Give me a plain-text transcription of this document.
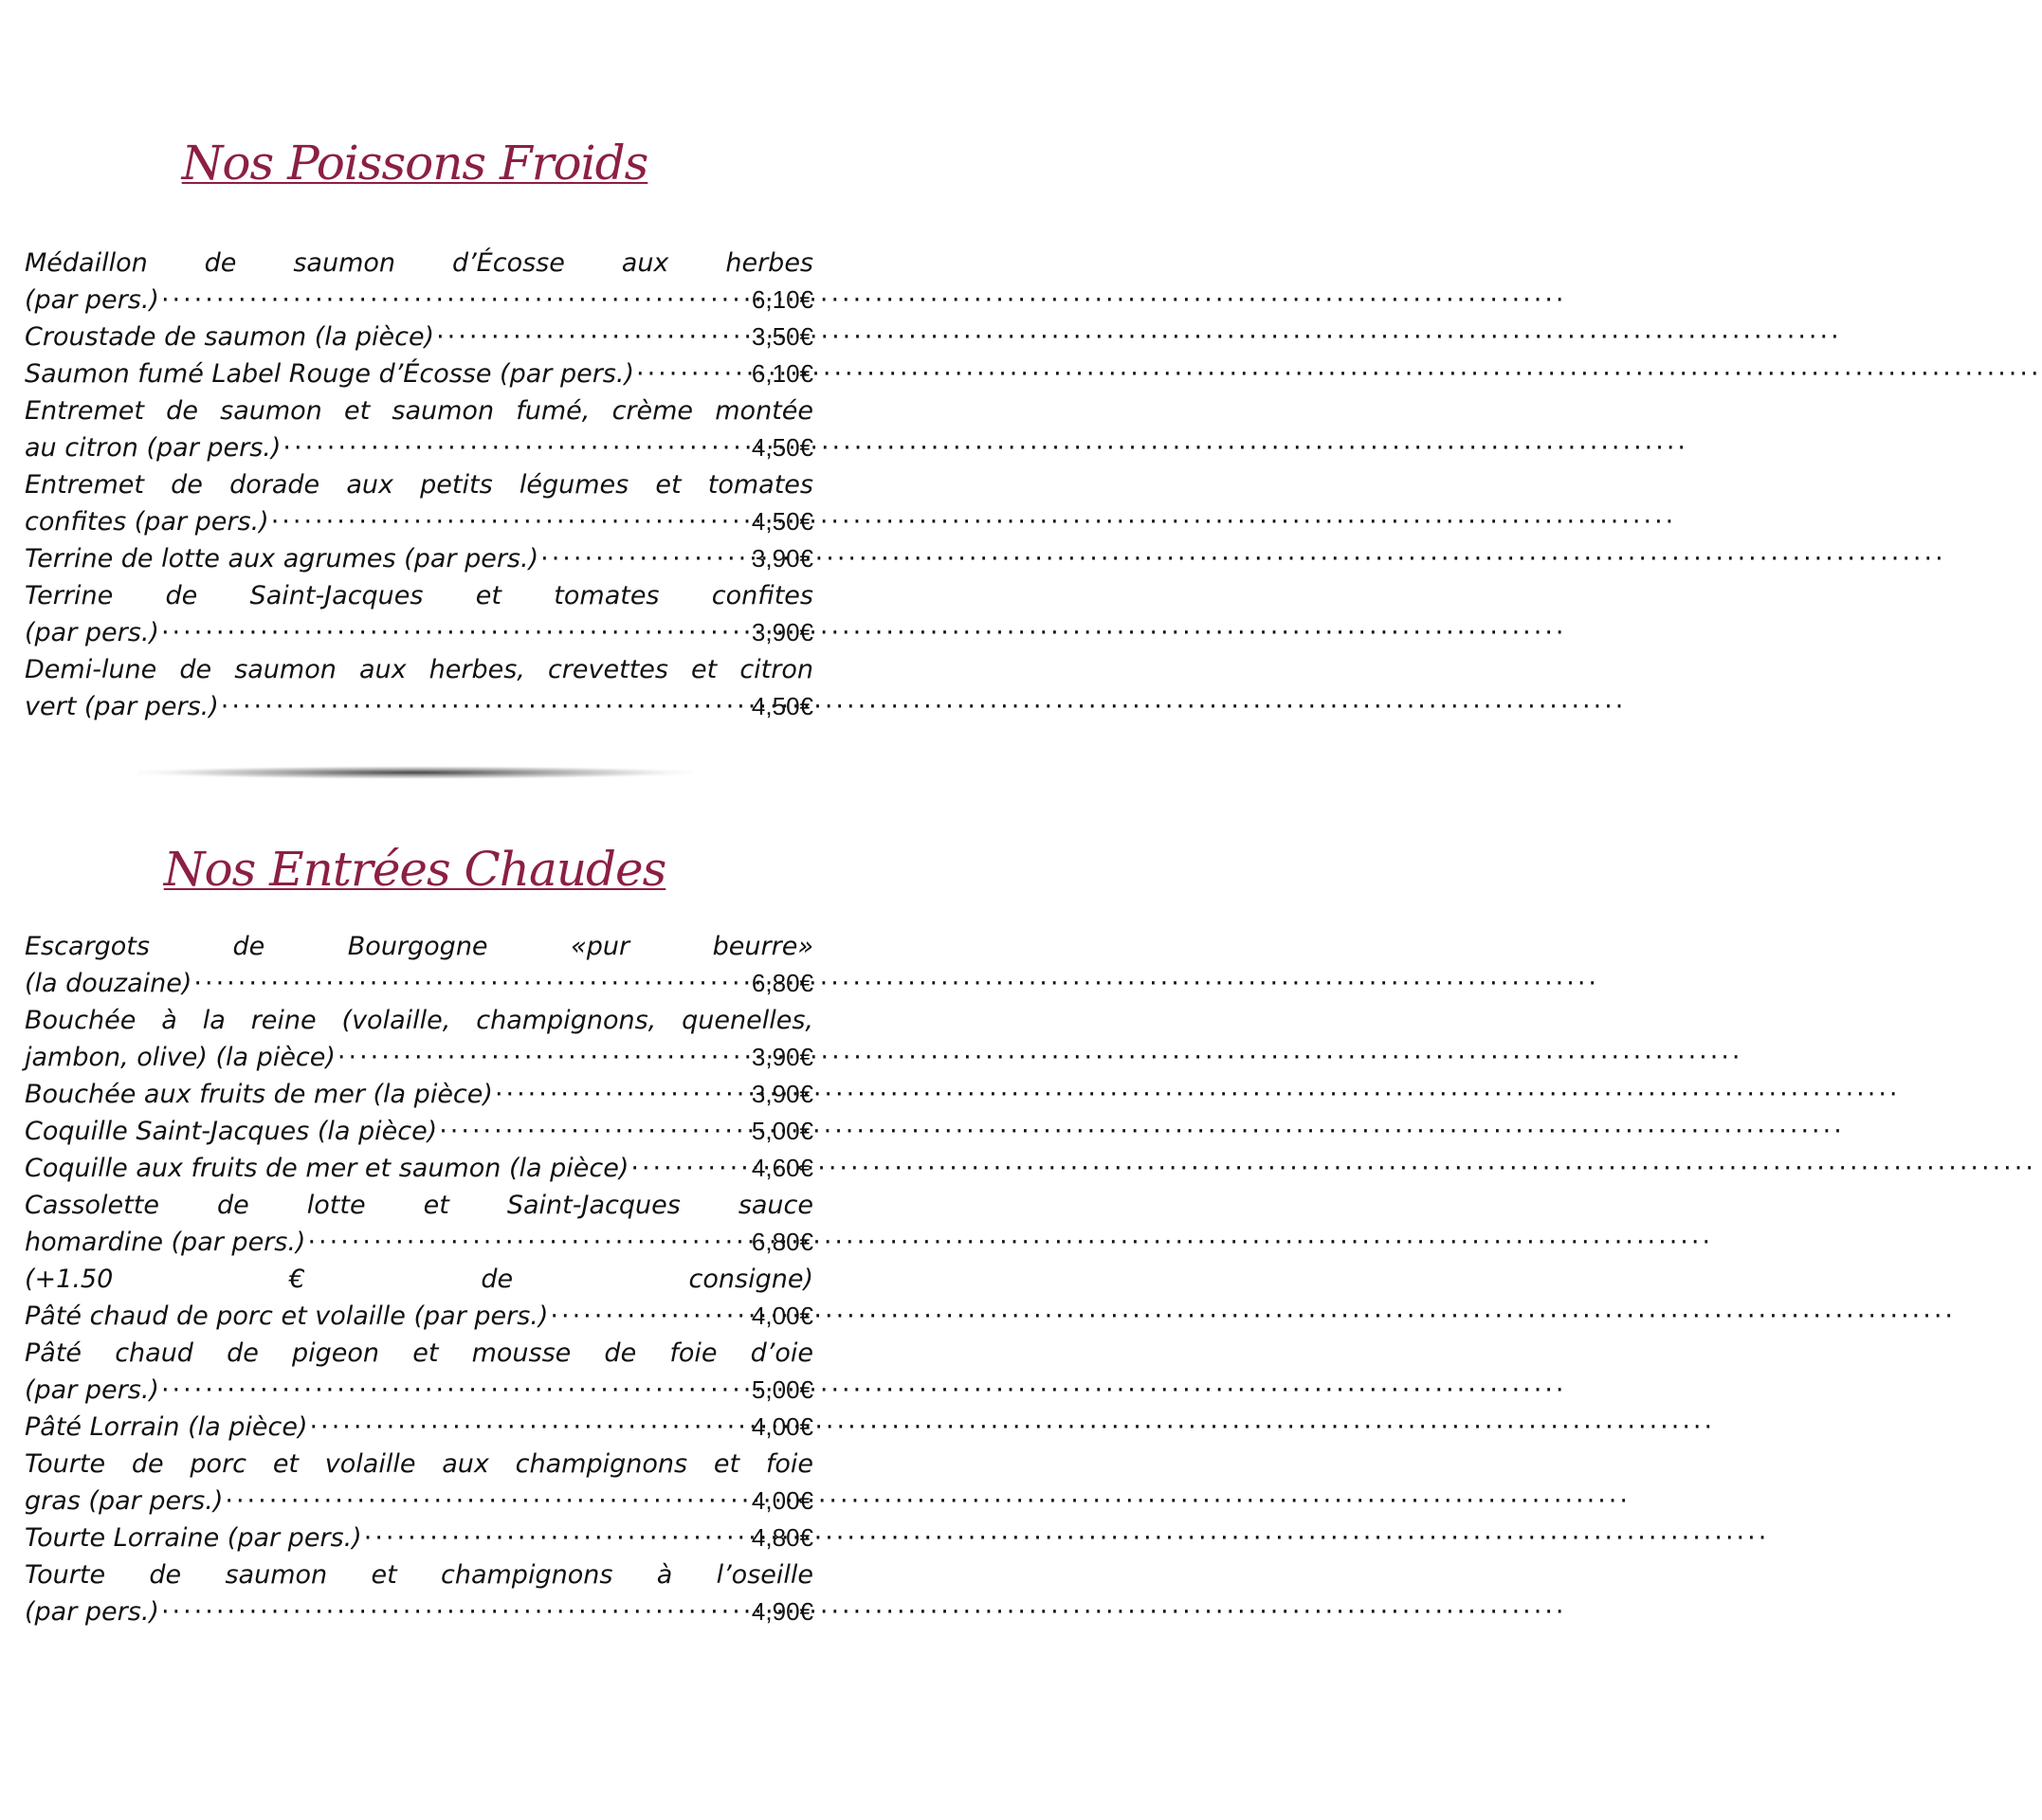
Nos Poissons Froids
Médaillon de saumon d’Écosse aux herbes
(par pers.) ·····	6,10€
Croustade de saumon (la pièce) ·····	3,50€
Saumon fumé Label Rouge d’Écosse (par pers.) ·····	6,10€
Entremet de saumon et saumon fumé, crème montée
au citron (par pers.) ·····	4,50€
Entremet de dorade aux petits légumes et tomates
confites (par pers.) ·····	4,50€
Terrine de lotte aux agrumes (par pers.) ·····	3,90€
Terrine de Saint-Jacques et tomates confites
(par pers.) ·····	3,90€
Demi-lune de saumon aux herbes, crevettes et citron
vert (par pers.) ·····	4,50€
Nos Entrées Chaudes
Escargots de Bourgogne «pur beurre»
(la douzaine) ·····	6,80€
Bouchée à la reine (volaille, champignons, quenelles,
jambon, olive) (la pièce) ·····	3,90€
Bouchée aux fruits de mer (la pièce) ·····	3,90€
Coquille Saint-Jacques (la pièce) ·····	5,00€
Coquille aux fruits de mer et saumon (la pièce) ·····	4,60€
Cassolette de lotte et Saint-Jacques sauce
homardine (par pers.) ·····	6,80€
(+1.50 € de consigne)
Pâté chaud de porc et volaille (par pers.) ·····	4,00€
Pâté chaud de pigeon et mousse de foie d’oie
(par pers.) ·····	5,00€
Pâté Lorrain (la pièce) ·····	4,00€
Tourte de porc et volaille aux champignons et foie
gras (par pers.) ·····	4,00€
Tourte Lorraine (par pers.) ·····	4,80€
Tourte de saumon et champignons à l’oseille
(par pers.) ·····	4,90€
